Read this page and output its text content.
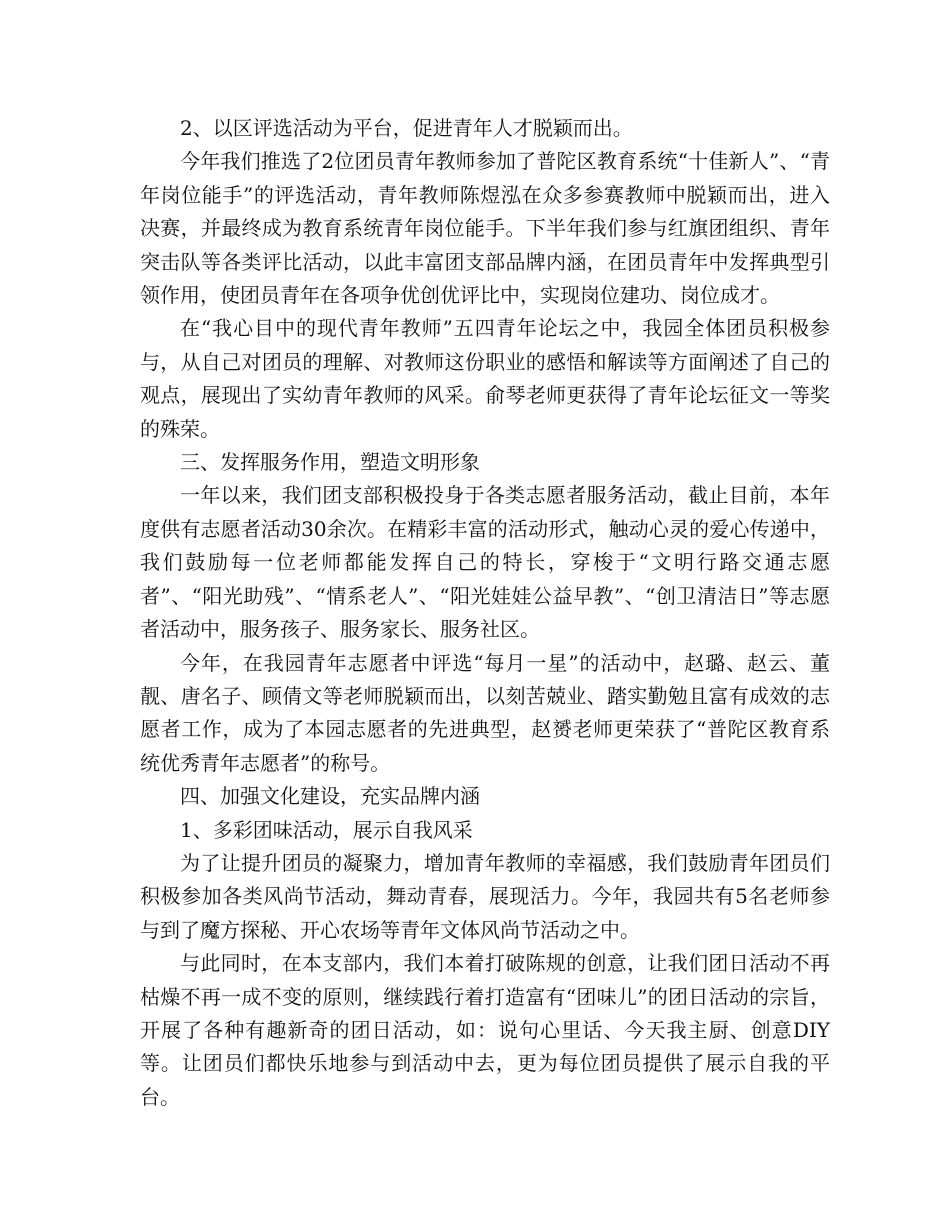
2、以区评选活动为平台，促进青年人才脱颖而出。

今年我们推选了2位团员青年教师参加了普陀区教育系统“十佳新人”、“青年岗位能手”的评选活动，青年教师陈煜泓在众多参赛教师中脱颖而出，进入决赛，并最终成为教育系统青年岗位能手。下半年我们参与红旗团组织、青年突击队等各类评比活动，以此丰富团支部品牌内涵，在团员青年中发挥典型引领作用，使团员青年在各项争优创优评比中，实现岗位建功、岗位成才。

在“我心目中的现代青年教师”五四青年论坛之中，我园全体团员积极参与，从自己对团员的理解、对教师这份职业的感悟和解读等方面阐述了自己的观点，展现出了实幼青年教师的风采。俞琴老师更获得了青年论坛征文一等奖的殊荣。

三、发挥服务作用，塑造文明形象

一年以来，我们团支部积极投身于各类志愿者服务活动，截止目前，本年度供有志愿者活动30余次。在精彩丰富的活动形式，触动心灵的爱心传递中，我们鼓励每一位老师都能发挥自己的特长，穿梭于“文明行路交通志愿者”、“阳光助残”、“情系老人”、“阳光娃娃公益早教”、“创卫清洁日”等志愿者活动中，服务孩子、服务家长、服务社区。

今年，在我园青年志愿者中评选“每月一星”的活动中，赵璐、赵云、董靓、唐名子、顾倩文等老师脱颖而出，以刻苦兢业、踏实勤勉且富有成效的志愿者工作，成为了本园志愿者的先进典型，赵赟老师更荣获了“普陀区教育系统优秀青年志愿者”的称号。

四、加强文化建设，充实品牌内涵

1、多彩团味活动，展示自我风采

为了让提升团员的凝聚力，增加青年教师的幸福感，我们鼓励青年团员们积极参加各类风尚节活动，舞动青春，展现活力。今年，我园共有5名老师参与到了魔方探秘、开心农场等青年文体风尚节活动之中。

与此同时，在本支部内，我们本着打破陈规的创意，让我们团日活动不再枯燥不再一成不变的原则，继续践行着打造富有“团味儿”的团日活动的宗旨，开展了各种有趣新奇的团日活动，如：说句心里话、今天我主厨、创意DIY等。让团员们都快乐地参与到活动中去，更为每位团员提供了展示自我的平台。
